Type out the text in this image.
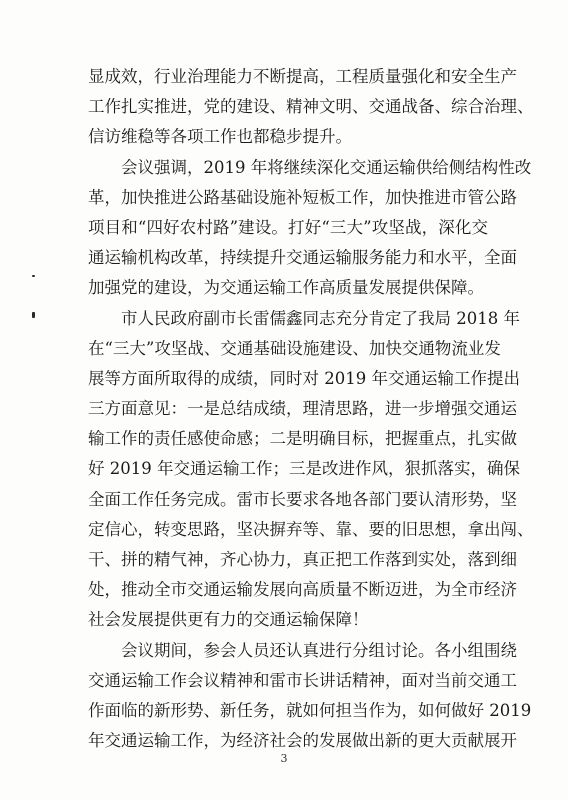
显成效，行业治理能力不断提高，工程质量强化和安全生产
工作扎实推进，党的建设、精神文明、交通战备、综合治理、
信访维稳等各项工作也都稳步提升。
会议强调，2019 年将继续深化交通运输供给侧结构性改
革，加快推进公路基础设施补短板工作，加快推进市管公路
项目和“四好农村路”建设。打好“三大”攻坚战，深化交
通运输机构改革，持续提升交通运输服务能力和水平，全面
加强党的建设，为交通运输工作高质量发展提供保障。
市人民政府副市长雷儒鑫同志充分肯定了我局 2018 年
在“三大”攻坚战、交通基础设施建设、加快交通物流业发
展等方面所取得的成绩，同时对 2019 年交通运输工作提出
三方面意见：一是总结成绩，理清思路，进一步增强交通运
输工作的责任感使命感；二是明确目标，把握重点，扎实做
好 2019 年交通运输工作；三是改进作风，狠抓落实，确保
全面工作任务完成。雷市长要求各地各部门要认清形势，坚
定信心，转变思路，坚决摒弃等、靠、要的旧思想，拿出闯、
干、拼的精气神，齐心协力，真正把工作落到实处，落到细
处，推动全市交通运输发展向高质量不断迈进，为全市经济
社会发展提供更有力的交通运输保障！
会议期间，参会人员还认真进行分组讨论。各小组围绕
交通运输工作会议精神和雷市长讲话精神，面对当前交通工
作面临的新形势、新任务，就如何担当作为，如何做好 2019
年交通运输工作，为经济社会的发展做出新的更大贡献展开
3
